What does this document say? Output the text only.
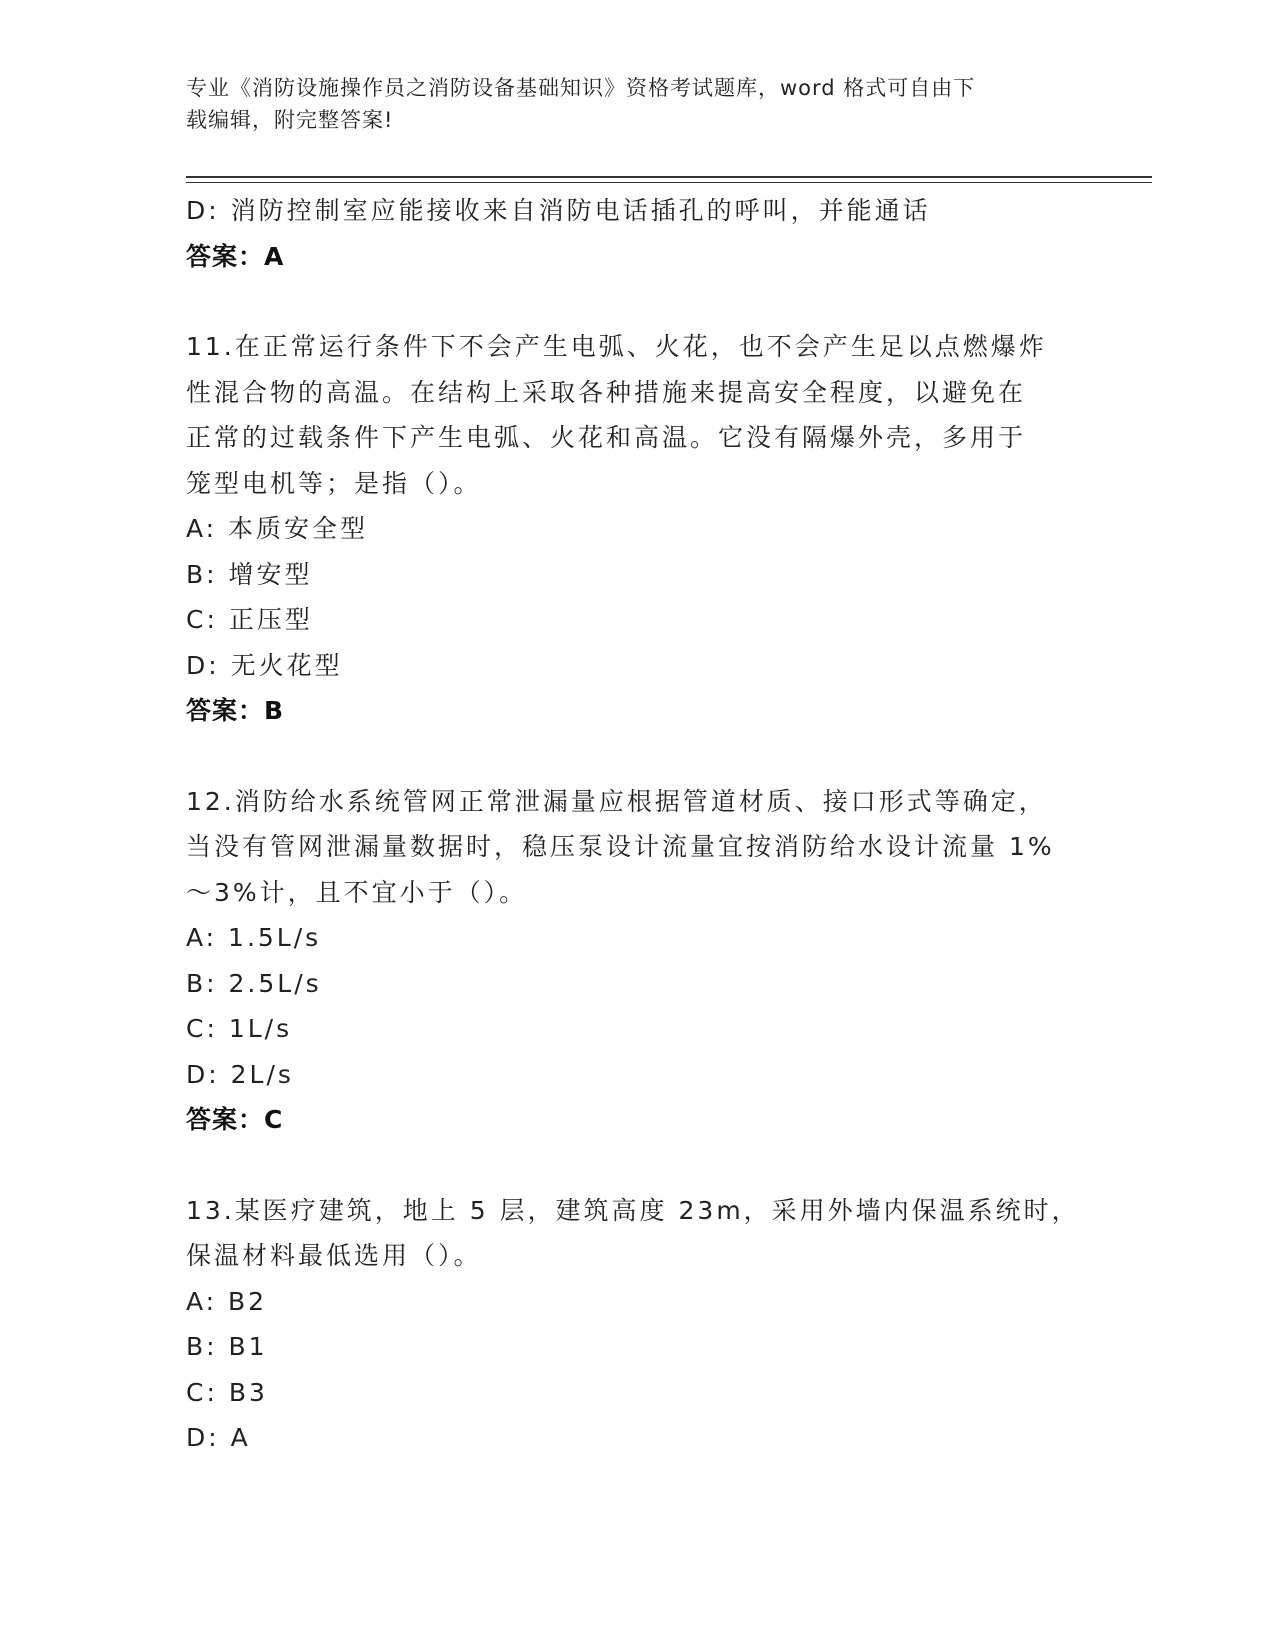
专业《消防设施操作员之消防设备基础知识》资格考试题库，word 格式可自由下
载编辑，附完整答案!
D: 消防控制室应能接收来自消防电话插孔的呼叫，并能通话
答案：A
11.在正常运行条件下不会产生电弧、火花，也不会产生足以点燃爆炸
性混合物的高温。在结构上采取各种措施来提高安全程度，以避免在
正常的过载条件下产生电弧、火花和高温。它没有隔爆外壳，多用于
笼型电机等；是指（）。
A: 本质安全型
B: 增安型
C: 正压型
D: 无火花型
答案：B
12.消防给水系统管网正常泄漏量应根据管道材质、接口形式等确定，
当没有管网泄漏量数据时，稳压泵设计流量宜按消防给水设计流量 1%
～3%计，且不宜小于（）。
A: 1.5L/s
B: 2.5L/s
C: 1L/s
D: 2L/s
答案：C
13.某医疗建筑，地上 5 层，建筑高度 23m，采用外墙内保温系统时，
保温材料最低选用（）。
A: B2
B: B1
C: B3
D: A
